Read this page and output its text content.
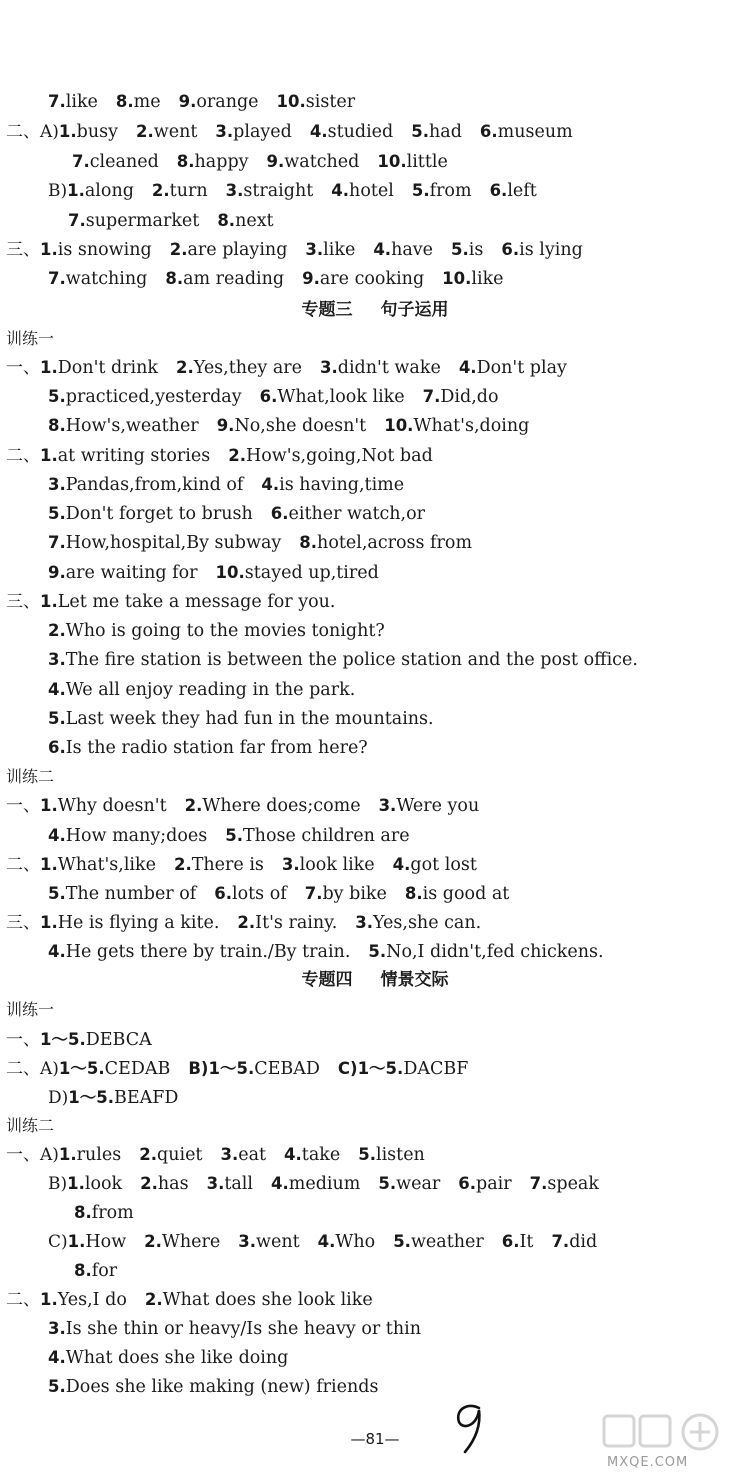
专题三 句子运用
训练一
训练二
专题四 情景交际
训练一
训练二
—81—
MXQE.COM
7.like 8.me 9.orange 10.sister
二、A)1.busy 2.went 3.played 4.studied 5.had 6.museum
7.cleaned 8.happy 9.watched 10.little
B)1.along 2.turn 3.straight 4.hotel 5.from 6.left
7.supermarket 8.next
三、1.is snowing 2.are playing 3.like 4.have 5.is 6.is lying
7.watching 8.am reading 9.are cooking 10.like
一、1.Don't drink 2.Yes,they are 3.didn't wake 4.Don't play
5.practiced,yesterday 6.What,look like 7.Did,do
8.How's,weather 9.No,she doesn't 10.What's,doing
二、1.at writing stories 2.How's,going,Not bad
3.Pandas,from,kind of 4.is having,time
5.Don't forget to brush 6.either watch,or
7.How,hospital,By subway 8.hotel,across from
9.are waiting for 10.stayed up,tired
三、1.Let me take a message for you.
2.Who is going to the movies tonight?
3.The fire station is between the police station and the post office.
4.We all enjoy reading in the park.
5.Last week they had fun in the mountains.
6.Is the radio station far from here?
一、1.Why doesn't 2.Where does;come 3.Were you
4.How many;does 5.Those children are
二、1.What's,like 2.There is 3.look like 4.got lost
5.The number of 6.lots of 7.by bike 8.is good at
三、1.He is flying a kite. 2.It's rainy. 3.Yes,she can.
4.He gets there by train./By train. 5.No,I didn't,fed chickens.
一、1～5.DEBCA
二、A)1～5.CEDAB B)1～5.CEBAD C)1～5.DACBF
D)1～5.BEAFD
一、A)1.rules 2.quiet 3.eat 4.take 5.listen
B)1.look 2.has 3.tall 4.medium 5.wear 6.pair 7.speak
8.from
C)1.How 2.Where 3.went 4.Who 5.weather 6.It 7.did
8.for
二、1.Yes,I do 2.What does she look like
3.Is she thin or heavy/Is she heavy or thin
4.What does she like doing
5.Does she like making (new) friends
